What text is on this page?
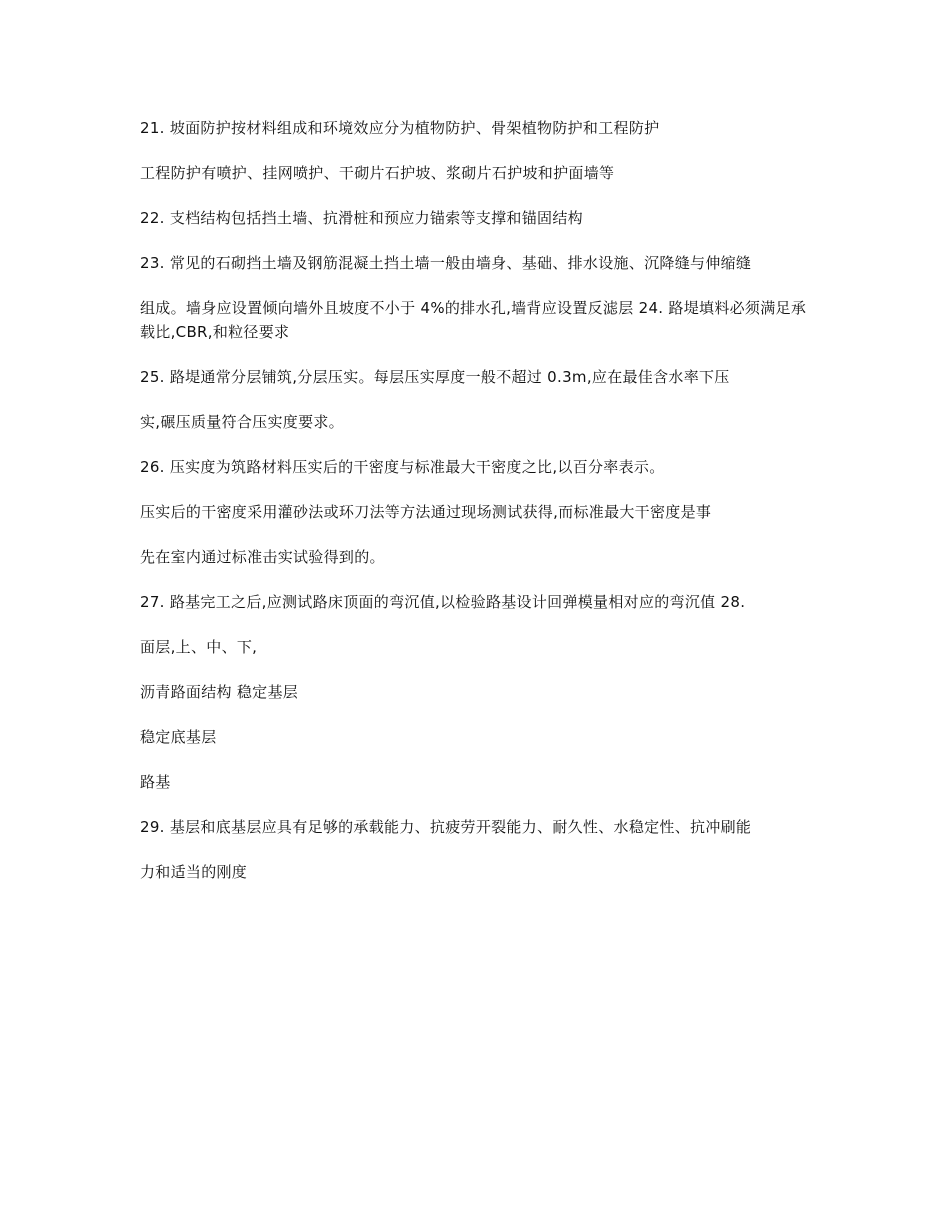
21. 坡面防护按材料组成和环境效应分为植物防护、骨架植物防护和工程防护

工程防护有喷护、挂网喷护、干砌片石护坡、浆砌片石护坡和护面墙等

22. 支档结构包括挡土墙、抗滑桩和预应力锚索等支撑和锚固结构

23. 常见的石砌挡土墙及钢筋混凝土挡土墙一般由墙身、基础、排水设施、沉降缝与伸缩缝

组成。墙身应设置倾向墙外且坡度不小于 4%的排水孔,墙背应设置反滤层 24. 路堤填料必须满足承载比,CBR,和粒径要求

25. 路堤通常分层铺筑,分层压实。每层压实厚度一般不超过 0.3m,应在最佳含水率下压

实,碾压质量符合压实度要求。

26. 压实度为筑路材料压实后的干密度与标准最大干密度之比,以百分率表示。

压实后的干密度采用灌砂法或环刀法等方法通过现场测试获得,而标准最大干密度是事

先在室内通过标准击实试验得到的。

27. 路基完工之后,应测试路床顶面的弯沉值,以检验路基设计回弹模量相对应的弯沉值 28.

面层,上、中、下,

沥青路面结构 稳定基层

稳定底基层

路基

29. 基层和底基层应具有足够的承载能力、抗疲劳开裂能力、耐久性、水稳定性、抗冲刷能

力和适当的刚度
